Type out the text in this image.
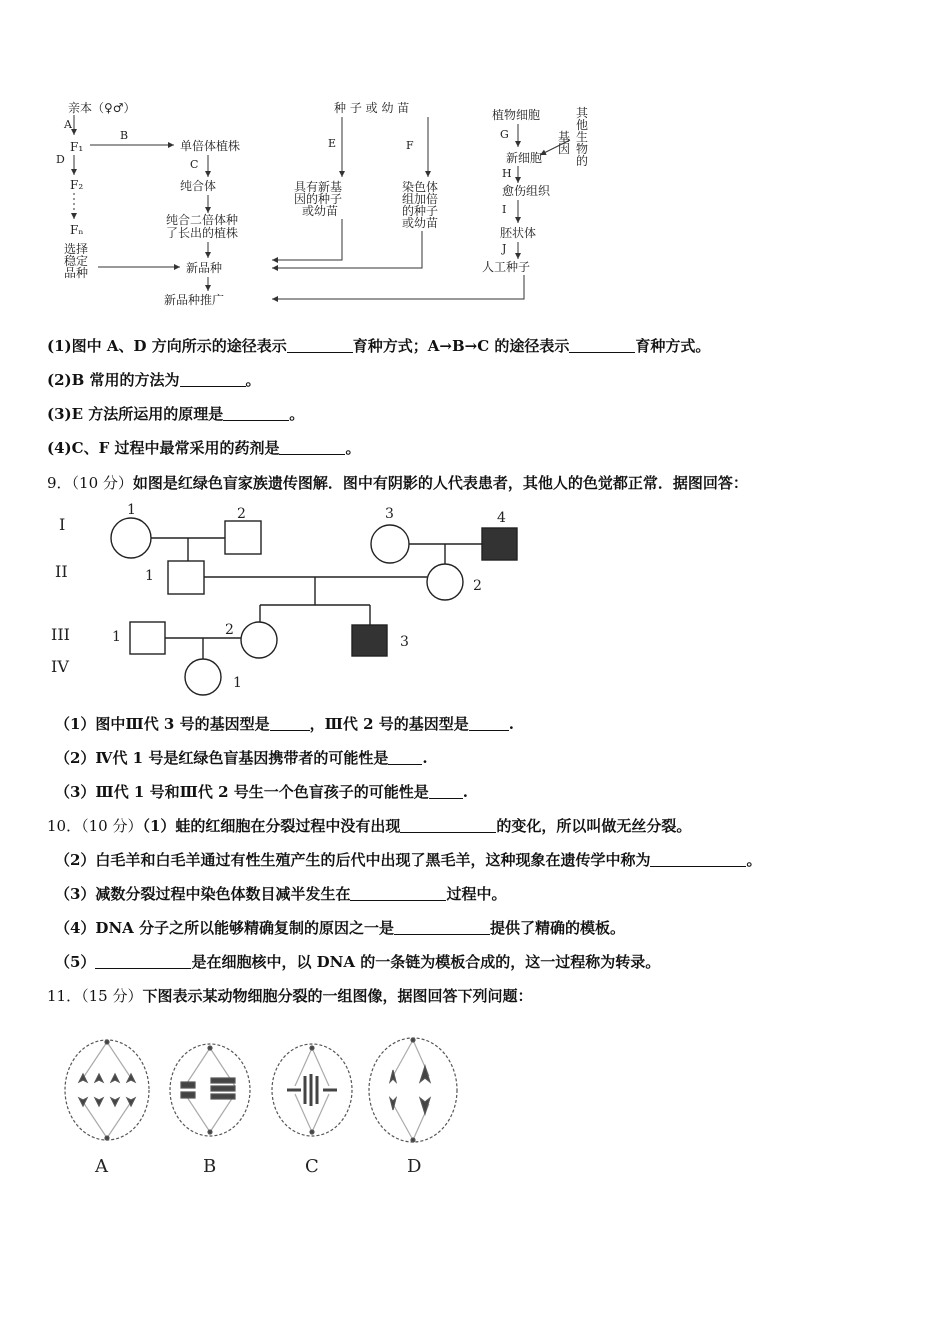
亲本（♀♂）
A
F₁
B
D
F₂
Fₙ
选择
稳定
品种
单倍体植株
C
纯合体
纯合二倍体种
了长出的植株
新品种
新品种推广
种 子 或 幼 苗
E	F
具有新基
因的种子
或幼苗
染色体
组加倍
的种子
或幼苗
植物细胞	其
他
生
物
的
基
因
G
新细胞
H
愈伤组织
I
胚状体
J
人工种子
(1)图中 A、D 方向所示的途径表示	育种方式；A→B→C 的途径表示	育种方式。
(2)B 常用的方法为	。
(3)E 方法所运用的原理是	。
(4)C、F 过程中最常采用的药剂是	。
9．（10 分）如图是红绿色盲家族遗传图解．图中有阴影的人代表患者，其他人的色觉都正常．据图回答：
I
II
III
IV
1	2	3	4
1
2
1	2
3
1
（1）图中Ⅲ代 3 号的基因型是	，Ⅲ代 2 号的基因型是	.
（2）Ⅳ代 1 号是红绿色盲基因携带者的可能性是 .
（3）Ⅲ代 1 号和Ⅲ代 2 号生一个色盲孩子的可能性是 .
10．（10 分）（1）蛙的红细胞在分裂过程中没有出现	的变化，所以叫做无丝分裂。
（2）白毛羊和白毛羊通过有性生殖产生的后代中出现了黑毛羊，这种现象在遗传学中称为	。
（3）减数分裂过程中染色体数目减半发生在	过程中。
（4）DNA 分子之所以能够精确复制的原因之一是	提供了精确的模板。
（5）	是在细胞核中，以 DNA 的一条链为模板合成的，这一过程称为转录。
11．（15 分）下图表示某动物细胞分裂的一组图像，据图回答下列问题：
A	B	C	D
